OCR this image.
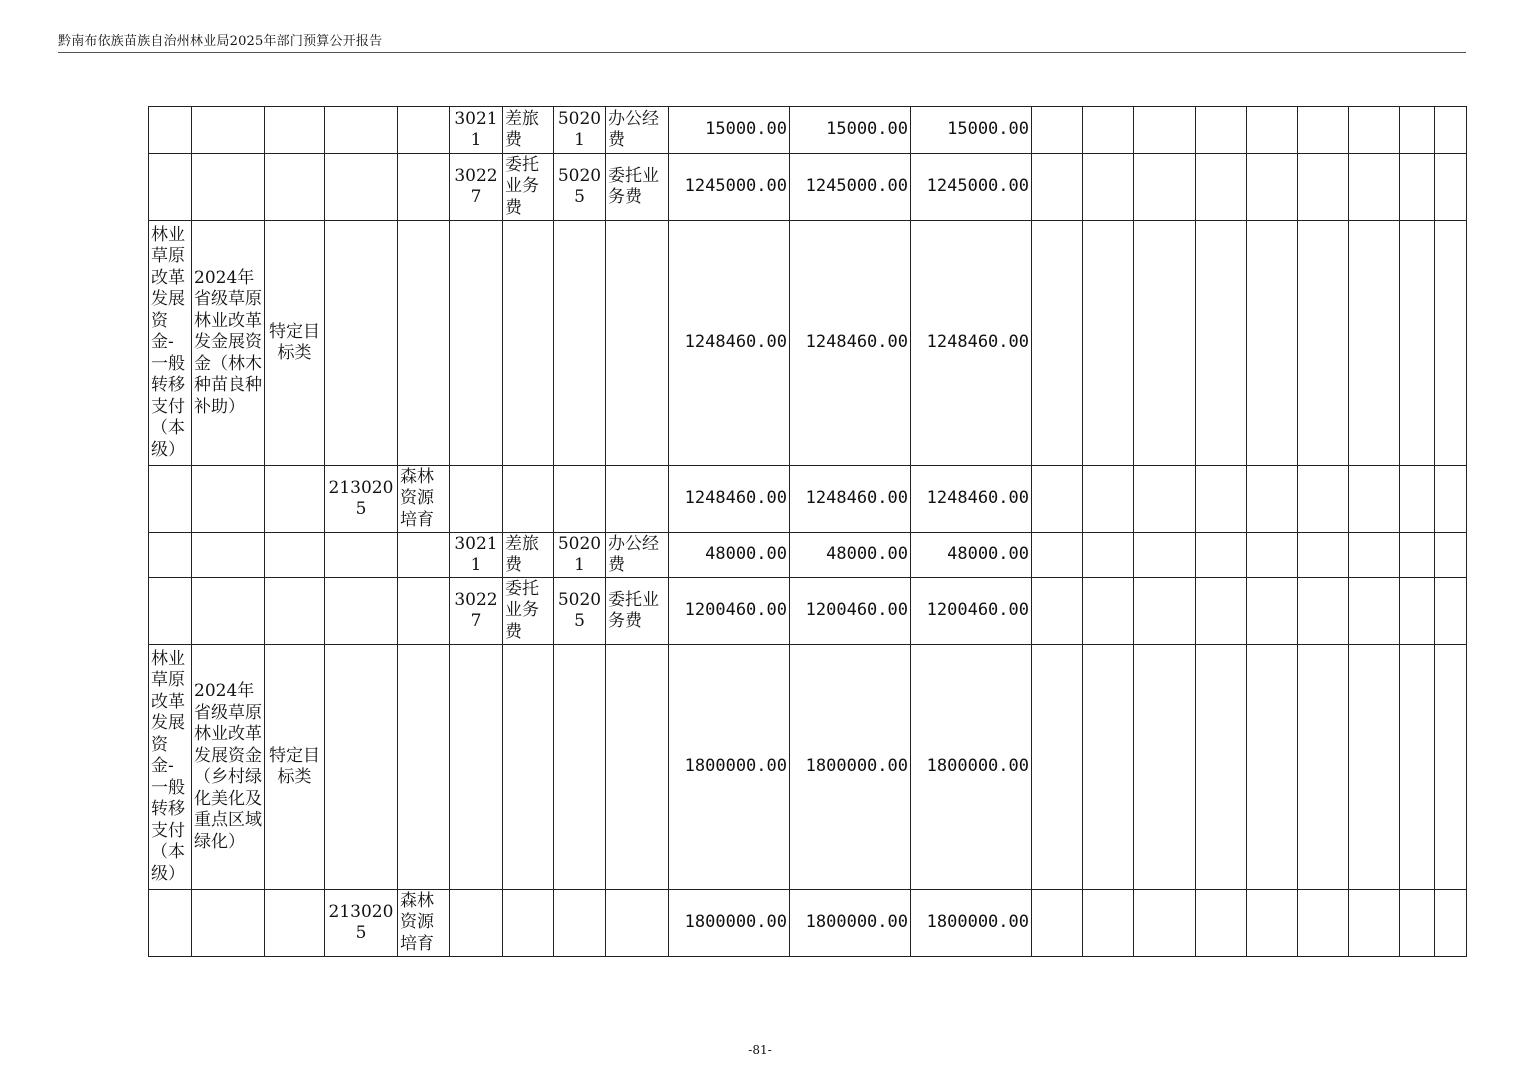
黔南布依族苗族自治州林业局2025年部门预算公开报告
					30211	差旅费	50201	办公经费	15000.00	15000.00	15000.00									
					30227	委托业务费	50205	委托业务费	1245000.00	1245000.00	1245000.00									
林业草原改革发展资金-一般转移支付（本级）	2024年省级草原林业改革发金展资金（林木种苗良种补助）	特定目标类							1248460.00	1248460.00	1248460.00									
			2130205	森林资源培育					1248460.00	1248460.00	1248460.00									
					30211	差旅费	50201	办公经费	48000.00	48000.00	48000.00									
					30227	委托业务费	50205	委托业务费	1200460.00	1200460.00	1200460.00									
林业草原改革发展资金-一般转移支付（本级）	2024年省级草原林业改革发展资金（乡村绿化美化及重点区域绿化）	特定目标类							1800000.00	1800000.00	1800000.00									
			2130205	森林资源培育					1800000.00	1800000.00	1800000.00									
-81-
